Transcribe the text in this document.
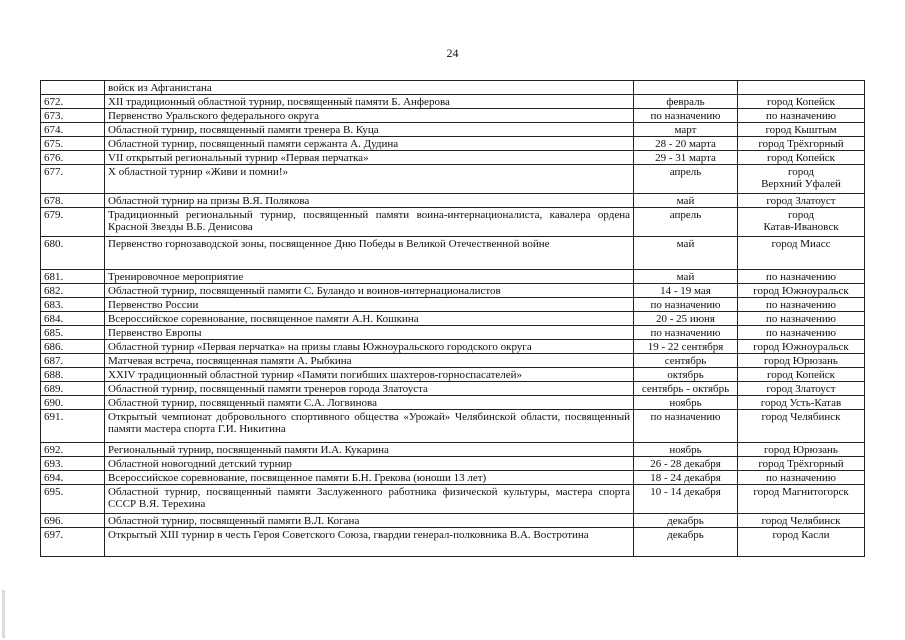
24
	войск из Афганистана		
672.	XII традиционный областной турнир, посвященный памяти Б. Анферова	февраль	город Копейск
673.	Первенство Уральского федерального округа	по назначению	по назначению
674.	Областной турнир, посвященный памяти тренера В. Куца	март	город Кыштым
675.	Областной турнир, посвященный памяти сержанта А. Дудина	28 - 20 марта	город Трёхгорный
676.	VII открытый региональный турнир «Первая перчатка»	29 - 31 марта	город Копейск
677.	Х областной турнир «Живи и помни!»	апрель	город
Верхний Уфалей
678.	Областной турнир на призы В.Я. Полякова	май	город Златоуст
679.	Традиционный региональный турнир, посвященный памяти воина-интернационалиста, кавалера ордена Красной Звезды В.Б. Денисова	апрель	город
Катав-Ивановск
680.	Первенство горнозаводской зоны, посвященное Дню Победы в Великой Отечественной войне	май	город Миасс
681.	Тренировочное мероприятие	май	по назначению
682.	Областной турнир, посвященный памяти С. Буландо и воинов-интернационалистов	14 - 19 мая	город Южноуральск
683.	Первенство России	по назначению	по назначению
684.	Всероссийское соревнование, посвященное памяти А.Н. Кошкина	20 - 25 июня	по назначению
685.	Первенство Европы	по назначению	по назначению
686.	Областной турнир «Первая перчатка» на призы главы Южноуральского городского округа	19 - 22 сентября	город Южноуральск
687.	Матчевая встреча, посвященная памяти А. Рыбкина	сентябрь	город Юрюзань
688.	XXIV традиционный областной турнир «Памяти погибших шахтеров-горноспасателей»	октябрь	город Копейск
689.	Областной турнир, посвященный памяти тренеров города Златоуста	сентябрь - октябрь	город Златоуст
690.	Областной турнир, посвященный памяти С.А. Логвинова	ноябрь	город Усть-Катав
691.	Открытый чемпионат добровольного спортивного общества «Урожай» Челябинской области, посвященный памяти мастера спорта Г.И. Никитина	по назначению	город Челябинск
692.	Региональный турнир, посвященный памяти И.А. Кукарина	ноябрь	город Юрюзань
693.	Областной новогодний детский турнир	26 - 28 декабря	город Трёхгорный
694.	Всероссийское соревнование, посвященное памяти Б.Н. Грекова (юноши 13 лет)	18 - 24 декабря	по назначению
695.	Областной турнир, посвященный памяти Заслуженного работника физической культуры, мастера спорта СССР В.Я. Терехина	10 - 14 декабря	город Магнитогорск
696.	Областной турнир, посвященный памяти В.Л. Когана	декабрь	город Челябинск
697.	Открытый XIII турнир в честь Героя Советского Союза, гвардии генерал-полковника В.А. Востротина	декабрь	город Касли
